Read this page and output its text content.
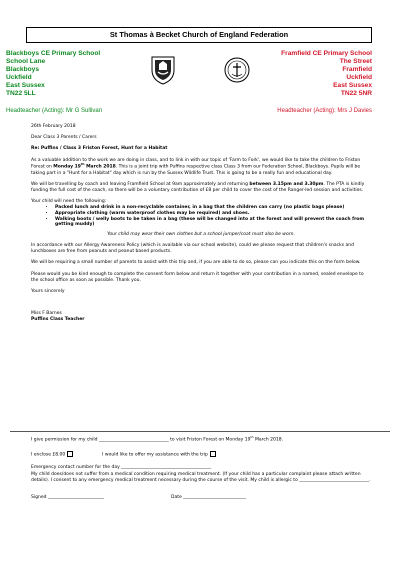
St Thomas à Becket Church of England Federation
Blackboys CE Primary School
School Lane
Blackboys
Uckfield
East Sussex
TN22 5LL
Framfield CE Primary School
The Street
Framfield
Uckfield
East Sussex
TN22 5NR
Headteacher (Acting): Mr G Sullivan	Headteacher (Acting): Mrs J Davies

26th February 2018

Dear Class 3 Parents / Carers

Re: Puffins / Class 3 Friston Forest, Hunt for a Habitat

As a valuable addition to the work we are doing in class, and to link in with our topic of 'Farm to Fork', we would like to take the children to Friston Forest on Monday 19th March 2018. This is a joint trip with Puffins respective class Class 3 from our Federation School, Blackboys. Pupils will be taking part in a "Hunt for a Habitat" day which is run by the Sussex Wildlife Trust. This is going to be a really fun and educational day.

We will be travelling by coach and leaving Framfield School at 9am approximately and returning between 3.15pm and 3.30pm. The PTA is kindly funding the full cost of the coach, so there will be a voluntary contribution of £8 per child to cover the cost of the Ranger-led session and activities.

Your child will need the following:

• Packed lunch and drink in a non-recyclable container, in a bag that the children can carry (no plastic bags please)
• Appropriate clothing (warm waterproof clothes may be required) and shoes.
• Walking boots / welly boots to be taken in a bag (these will be changed into at the forest and will prevent the coach from getting muddy)

Your child may wear their own clothes but a school jumper/coat must also be worn.

In accordance with our Allergy Awareness Policy (which is available via our school website), could we please request that children's snacks and lunchboxes are free from peanuts and peanut based products.

We will be requiring a small number of parents to assist with this trip and, if you are able to do so, please can you indicate this on the form below.

Please would you be kind enough to complete the consent form below and return it together with your contribution in a named, sealed envelope to the school office as soon as possible. Thank you.

Yours sincerely

Miss F Barnes

Puffins Class Teacher

I give permission for my child _______________________________ to visit Friston Forest on Monday 19th March 2018.

I enclose £8.00	I would like to offer my assistance with the trip

Emergency contact number for the day ________________________________________

My child does/does not suffer from a medical condition requiring medical treatment. (If your child has a particular complaint please attach written details). I consent to any emergency medical treatment necessary during the course of the visit. My child is allergic to _______________________________.

Signed _________________________	Date ____________________________
